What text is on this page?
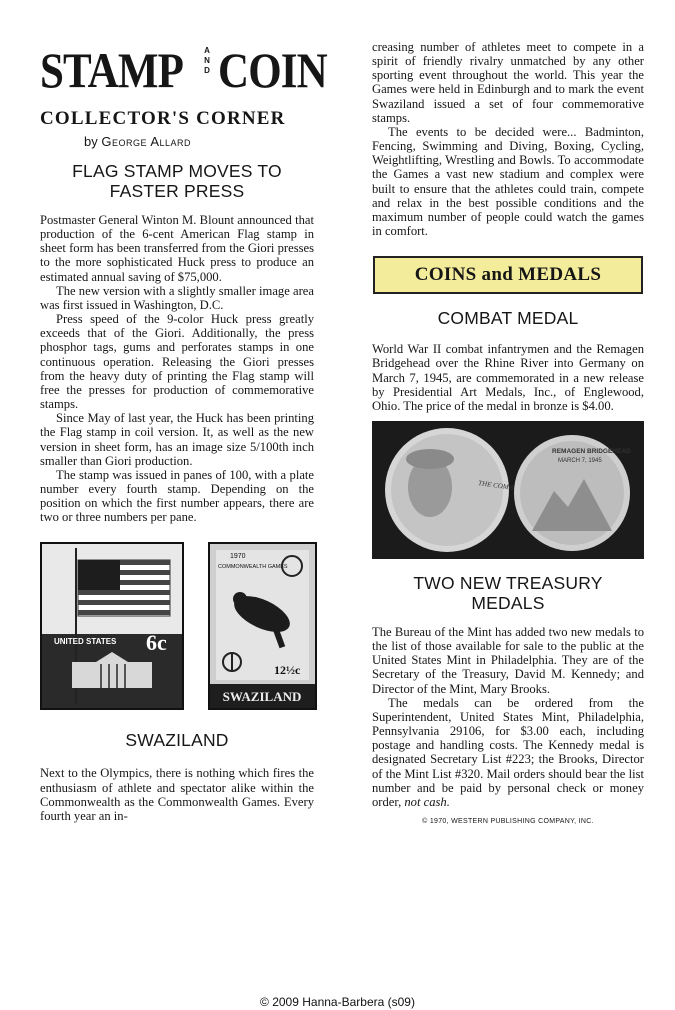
STAMP	AND COIN
COLLECTOR'S CORNER
by George Allard
FLAG STAMP MOVES TO FASTER PRESS

Postmaster General Winton M. Blount announced that production of the 6-cent American Flag stamp in sheet form has been transferred from the Giori presses to the more sophisticated Huck press to produce an estimated annual saving of $75,000.

The new version with a slightly smaller image area was first issued in Washington, D.C.

Press speed of the 9-color Huck press greatly exceeds that of the Giori. Additionally, the press phosphor tags, gums and perforates stamps in one continuous operation. Releasing the Giori presses from the heavy duty of printing the Flag stamp will free the presses for production of commemorative stamps.

Since May of last year, the Huck has been printing the Flag stamp in coil version. It, as well as the new version in sheet form, has an image size 5/100th inch smaller than Giori production.

The stamp was issued in panes of 100, with a plate number every fourth stamp. Depending on the position on which the first number appears, there are two or three numbers per pane.

UNITED STATES 6c
1970
COMMONWEALTH GAMES
12½c
SWAZILAND
SWAZILAND

Next to the Olympics, there is nothing which fires the enthusiasm of athlete and spectator alike within the Commonwealth as the Commonwealth Games. Every fourth year an in-

creasing number of athletes meet to compete in a spirit of friendly rivalry unmatched by any other sporting event throughout the world. This year the Games were held in Edinburgh and to mark the event Swaziland issued a set of four commemorative stamps.

The events to be decided were... Badminton, Fencing, Swimming and Diving, Boxing, Cycling, Weightlifting, Wrestling and Bowls. To accommodate the Games a vast new stadium and complex were built to ensure that the athletes could train, compete and relax in the best possible conditions and the maximum number of people could watch the games in comfort.

COINS and MEDALS
COMBAT MEDAL

World War II combat infantrymen and the Remagen Bridgehead over the Rhine River into Germany on March 7, 1945, are commemorated in a new release by Presidential Art Medals, Inc., of Englewood, Ohio. The price of the medal in bronze is $4.00.

THE COMBAT
REMAGEN BRIDGEHEAD
MARCH 7, 1945
TWO NEW TREASURY MEDALS

The Bureau of the Mint has added two new medals to the list of those available for sale to the public at the United States Mint in Philadelphia. They are of the Secretary of the Treasury, David M. Kennedy; and Director of the Mint, Mary Brooks.

The medals can be ordered from the Superintendent, United States Mint, Philadelphia, Pennsylvania 29106, for $3.00 each, including postage and handling costs. The Kennedy medal is designated Secretary List #223; the Brooks, Director of the Mint List #320. Mail orders should bear the list number and be paid by personal check or money order, not cash.

© 1970, WESTERN PUBLISHING COMPANY, INC.
© 2009 Hanna-Barbera (s09)
